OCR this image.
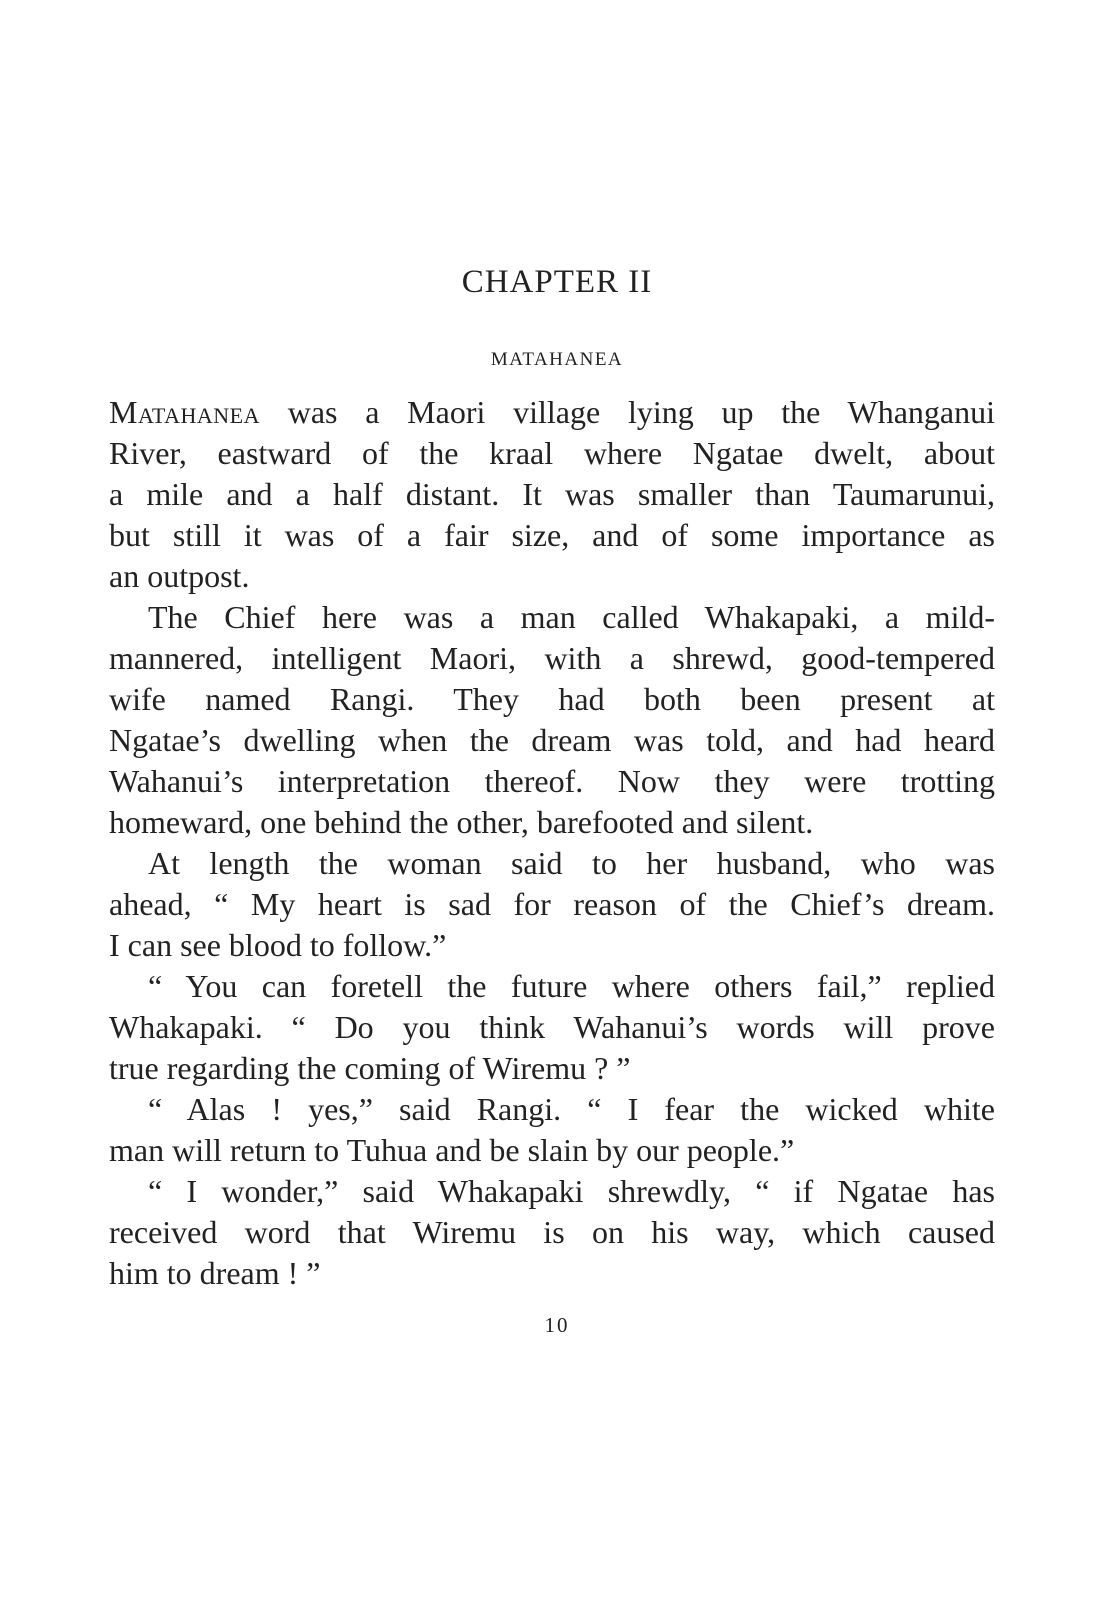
CHAPTER II
MATAHANEA
Matahanea was a Maori village lying up the Whanganui
River, eastward of the kraal where Ngatae dwelt, about
a mile and a half distant. It was smaller than Taumarunui,
but still it was of a fair size, and of some importance as
an outpost.
The Chief here was a man called Whakapaki, a mild-
mannered, intelligent Maori, with a shrewd, good-tempered
wife named Rangi. They had both been present at
Ngatae’s dwelling when the dream was told, and had heard
Wahanui’s interpretation thereof. Now they were trotting
homeward, one behind the other, barefooted and silent.
At length the woman said to her husband, who was
ahead, “ My heart is sad for reason of the Chief’s dream.
I can see blood to follow.”
“ You can foretell the future where others fail,” replied
Whakapaki. “ Do you think Wahanui’s words will prove
true regarding the coming of Wiremu ? ”
“ Alas ! yes,” said Rangi. “ I fear the wicked white
man will return to Tuhua and be slain by our people.”
“ I wonder,” said Whakapaki shrewdly, “ if Ngatae has
received word that Wiremu is on his way, which caused
him to dream ! ”
10
